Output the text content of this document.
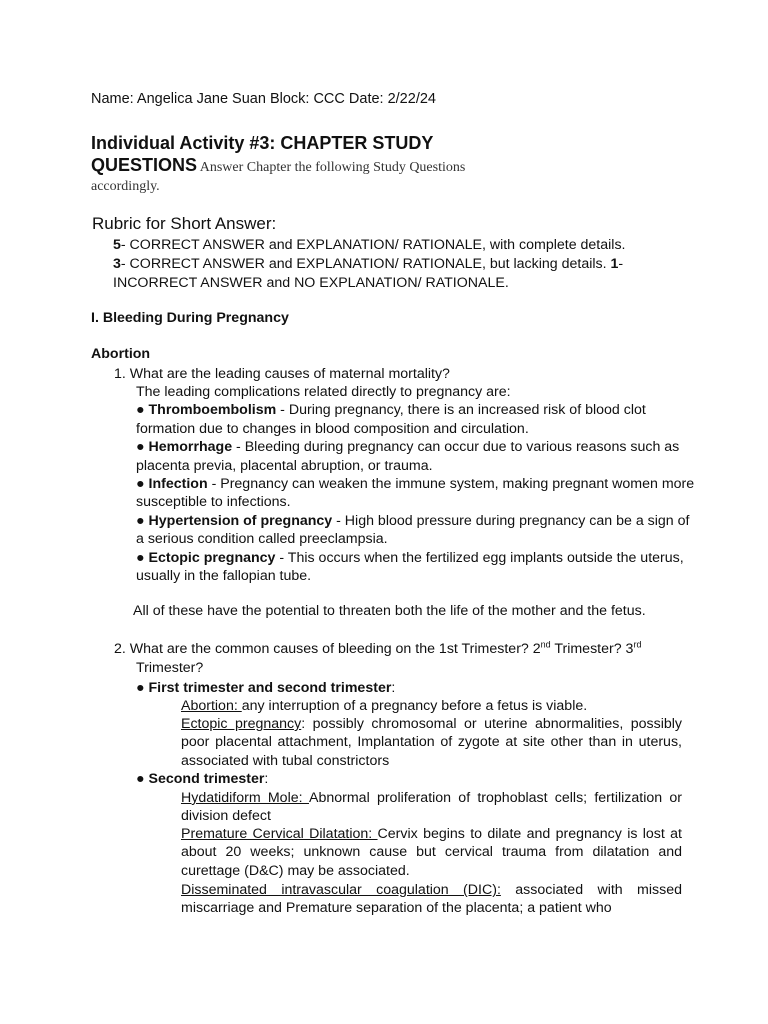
Name: Angelica Jane Suan Block: CCC Date: 2/22/24

Individual Activity #3: CHAPTER STUDY

QUESTIONS Answer Chapter the following Study Questions

accordingly.

Rubric for Short Answer:

5- CORRECT ANSWER and EXPLANATION/ RATIONALE, with complete details.
3- CORRECT ANSWER and EXPLANATION/ RATIONALE, but lacking details. 1-
INCORRECT ANSWER and NO EXPLANATION/ RATIONALE.

I. Bleeding During Pregnancy

Abortion

1. What are the leading causes of maternal mortality?

The leading complications related directly to pregnancy are:

● Thromboembolism - During pregnancy, there is an increased risk of blood clot formation due to changes in blood composition and circulation.

● Hemorrhage - Bleeding during pregnancy can occur due to various reasons such as placenta previa, placental abruption, or trauma.

● Infection - Pregnancy can weaken the immune system, making pregnant women more susceptible to infections.

● Hypertension of pregnancy - High blood pressure during pregnancy can be a sign of a serious condition called preeclampsia.

● Ectopic pregnancy - This occurs when the fertilized egg implants outside the uterus, usually in the fallopian tube.

All of these have the potential to threaten both the life of the mother and the fetus.

2. What are the common causes of bleeding on the 1st Trimester? 2nd Trimester? 3rd
Trimester?

● First trimester and second trimester:

Abortion: any interruption of a pregnancy before a fetus is viable.

Ectopic pregnancy: possibly chromosomal or uterine abnormalities, possibly poor placental attachment, Implantation of zygote at site other than in uterus, associated with tubal constrictors

● Second trimester:

Hydatidiform Mole: Abnormal proliferation of trophoblast cells; fertilization or division defect

Premature Cervical Dilatation: Cervix begins to dilate and pregnancy is lost at about 20 weeks; unknown cause but cervical trauma from dilatation and curettage (D&C) may be associated.

Disseminated intravascular coagulation (DIC): associated with missed miscarriage and Premature separation of the placenta; a patient who
